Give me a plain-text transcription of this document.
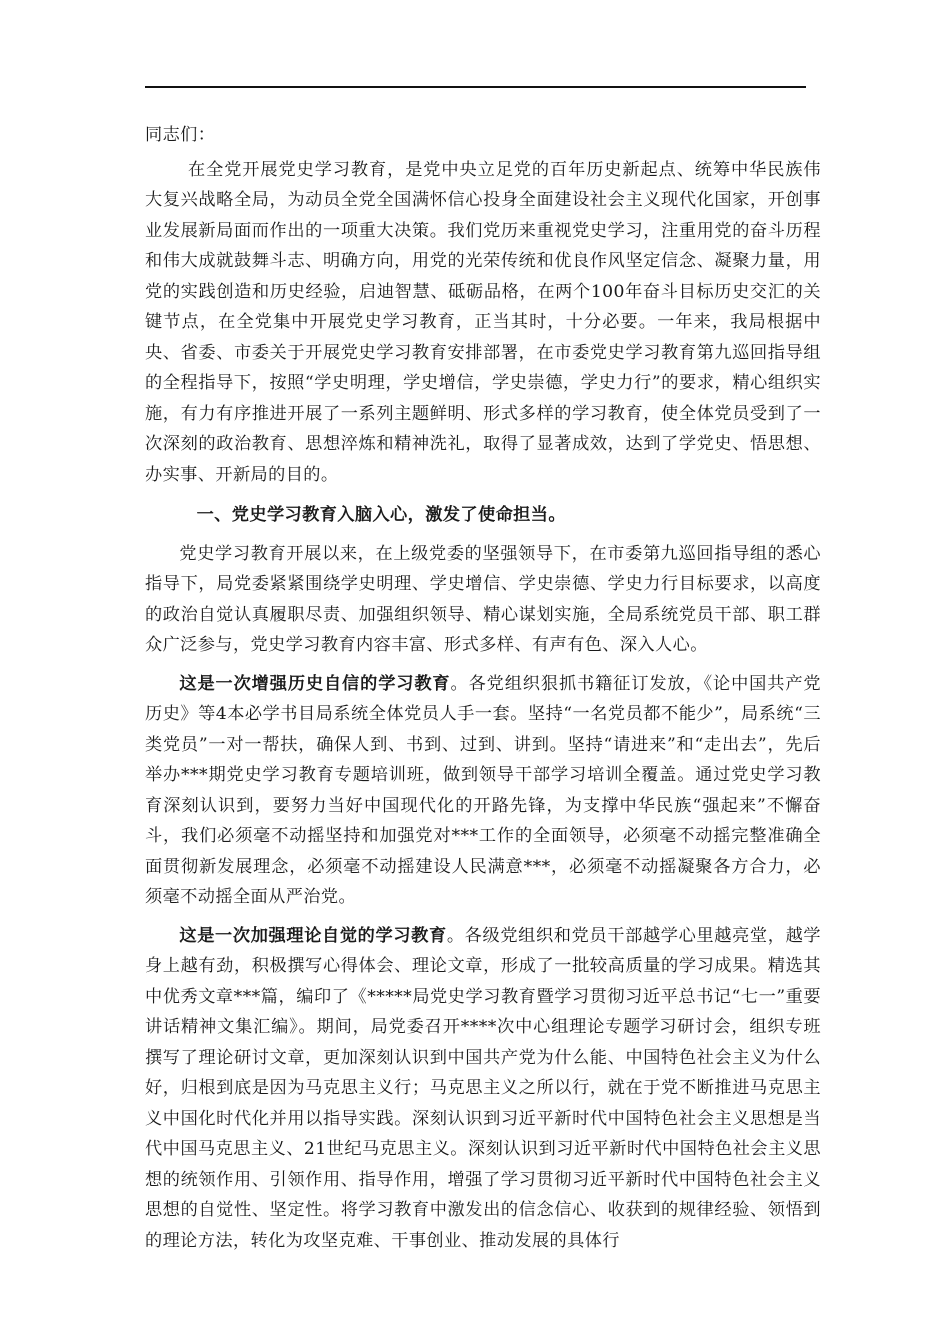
同志们：

在全党开展党史学习教育，是党中央立足党的百年历史新起点、统筹中华民族伟大复兴战略全局，为动员全党全国满怀信心投身全面建设社会主义现代化国家，开创事业发展新局面而作出的一项重大决策。我们党历来重视党史学习，注重用党的奋斗历程和伟大成就鼓舞斗志、明确方向，用党的光荣传统和优良作风坚定信念、凝聚力量，用党的实践创造和历史经验，启迪智慧、砥砺品格，在两个100年奋斗目标历史交汇的关键节点，在全党集中开展党史学习教育，正当其时，十分必要。一年来，我局根据中央、省委、市委关于开展党史学习教育安排部署，在市委党史学习教育第九巡回指导组的全程指导下，按照“学史明理，学史增信，学史崇德，学史力行”的要求，精心组织实施，有力有序推进开展了一系列主题鲜明、形式多样的学习教育，使全体党员受到了一次深刻的政治教育、思想淬炼和精神洗礼，取得了显著成效，达到了学党史、悟思想、办实事、开新局的目的。

一、党史学习教育入脑入心，激发了使命担当。

党史学习教育开展以来，在上级党委的坚强领导下，在市委第九巡回指导组的悉心指导下，局党委紧紧围绕学史明理、学史增信、学史崇德、学史力行目标要求，以高度的政治自觉认真履职尽责、加强组织领导、精心谋划实施，全局系统党员干部、职工群众广泛参与，党史学习教育内容丰富、形式多样、有声有色、深入人心。

这是一次增强历史自信的学习教育。各党组织狠抓书籍征订发放，《论中国共产党历史》等4本必学书目局系统全体党员人手一套。坚持“一名党员都不能少”，局系统“三类党员”一对一帮扶，确保人到、书到、过到、讲到。坚持“请进来”和“走出去”，先后举办***期党史学习教育专题培训班，做到领导干部学习培训全覆盖。通过党史学习教育深刻认识到，要努力当好中国现代化的开路先锋，为支撑中华民族“强起来”不懈奋斗，我们必须毫不动摇坚持和加强党对***工作的全面领导，必须毫不动摇完整准确全面贯彻新发展理念，必须毫不动摇建设人民满意***，必须毫不动摇凝聚各方合力，必须毫不动摇全面从严治党。

这是一次加强理论自觉的学习教育。各级党组织和党员干部越学心里越亮堂，越学身上越有劲，积极撰写心得体会、理论文章，形成了一批较高质量的学习成果。精选其中优秀文章***篇，编印了《*****局党史学习教育暨学习贯彻习近平总书记“七一”重要讲话精神文集汇编》。期间，局党委召开****次中心组理论专题学习研讨会，组织专班撰写了理论研讨文章，更加深刻认识到中国共产党为什么能、中国特色社会主义为什么好，归根到底是因为马克思主义行；马克思主义之所以行，就在于党不断推进马克思主义中国化时代化并用以指导实践。深刻认识到习近平新时代中国特色社会主义思想是当代中国马克思主义、21世纪马克思主义。深刻认识到习近平新时代中国特色社会主义思想的统领作用、引领作用、指导作用，增强了学习贯彻习近平新时代中国特色社会主义思想的自觉性、坚定性。将学习教育中激发出的信念信心、收获到的规律经验、领悟到的理论方法，转化为攻坚克难、干事创业、推动发展的具体行
